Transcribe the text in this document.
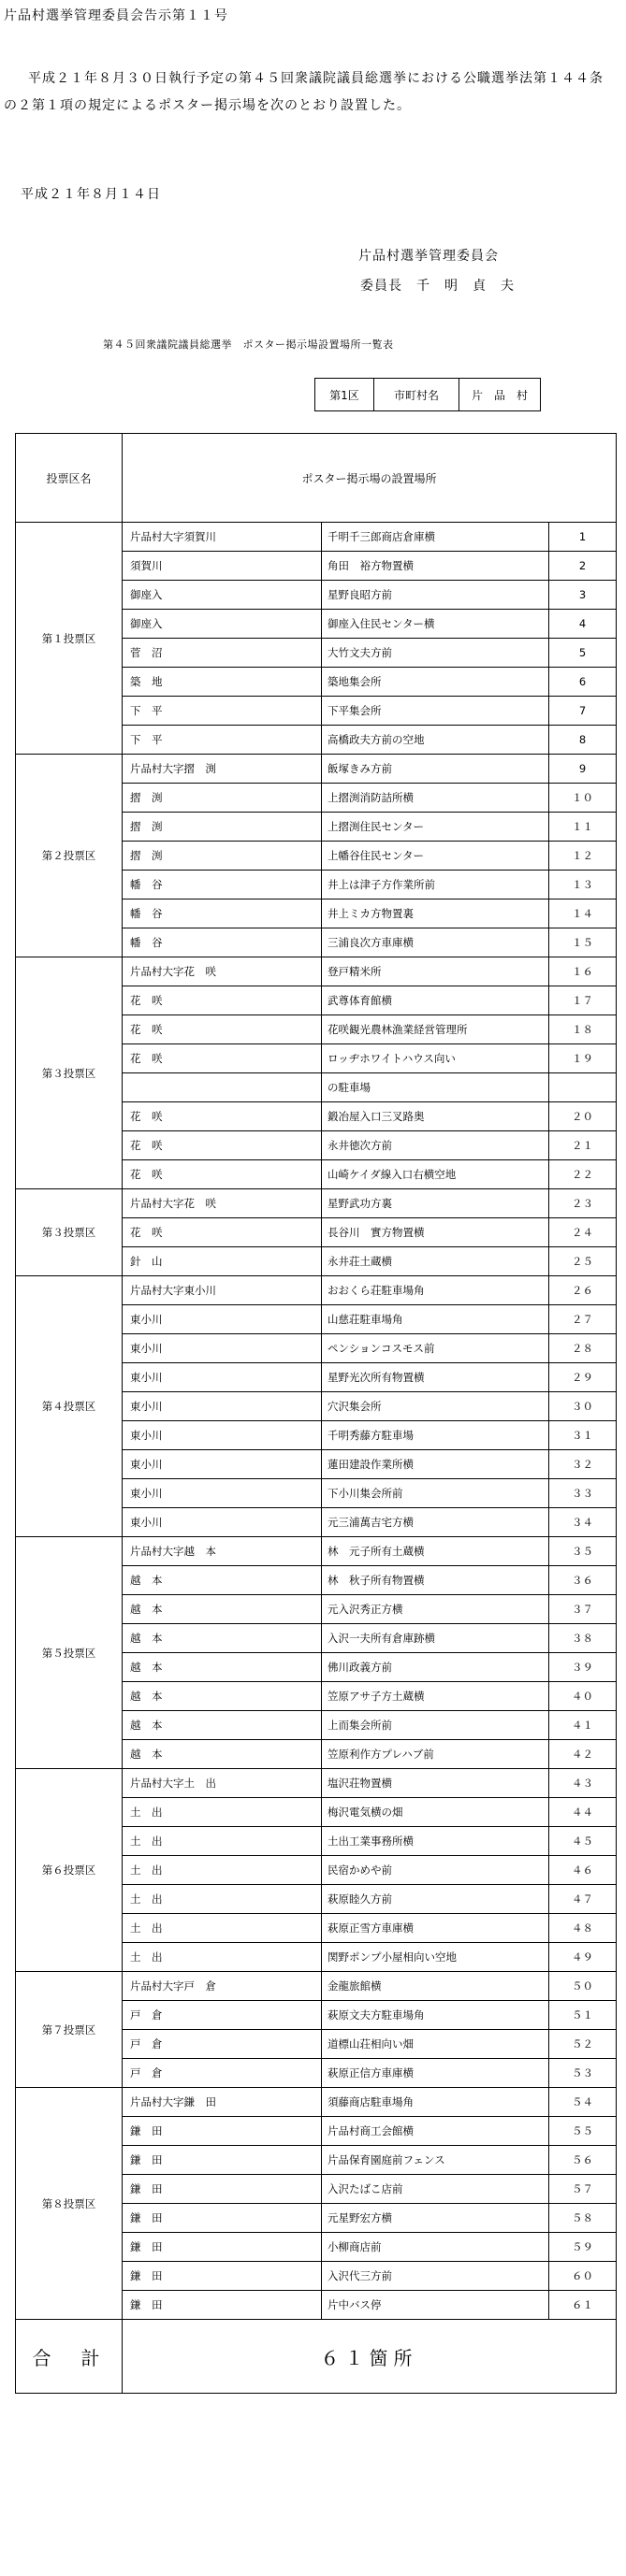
片品村選挙管理委員会告示第１１号
平成２１年８月３０日執行予定の第４５回衆議院議員総選挙における公職選挙法第１４４条の２第１項の規定によるポスター掲示場を次のとおり設置した。
平成２１年８月１４日
片品村選挙管理委員会
委員長　千　明　貞　夫
第４５回衆議院議員総選挙　ポスター掲示場設置場所一覧表
第1区	市町村名	片　品　村
投票区名	ポスター掲示場の設置場所		
第１投票区	片品村大字須賀川	千明千三郎商店倉庫横	1
	須賀川	角田　裕方物置横	2
	御座入	星野良昭方前	3
	御座入	御座入住民センター横	4
	菅　沼	大竹文夫方前	5
	築　地	築地集会所	6
	下　平	下平集会所	7
	下　平	高橋政夫方前の空地	8
第２投票区	片品村大字摺　渕	飯塚きみ方前	9
	摺　渕	上摺渕消防詰所横	１０
	摺　渕	上摺渕住民センター	１１
	摺　渕	上幡谷住民センター	１２
	幡　谷	井上は津子方作業所前	１３
	幡　谷	井上ミカ方物置裏	１４
	幡　谷	三浦良次方車庫横	１５
第３投票区	片品村大字花　咲	登戸精米所	１６
	花　咲	武尊体育館横	１７
	花　咲	花咲観光農林漁業経営管理所	１８
	花　咲	ロッヂホワイトハウス向い	１９
		の駐車場	
	花　咲	鍛冶屋入口三叉路奥	２０
	花　咲	永井徳次方前	２１
	花　咲	山崎ケイダ線入口右横空地	２２
第３投票区	片品村大字花　咲	星野武功方裏	２３
	花　咲	長谷川　實方物置横	２４
	針　山	永井荘土蔵横	２５
第４投票区	片品村大字東小川	おおくら荘駐車場角	２６
	東小川	山慈荘駐車場角	２７
	東小川	ペンションコスモス前	２８
	東小川	星野光次所有物置横	２９
	東小川	穴沢集会所	３０
	東小川	千明秀藤方駐車場	３１
	東小川	蓮田建設作業所横	３２
	東小川	下小川集会所前	３３
	東小川	元三浦萬吉宅方横	３４
第５投票区	片品村大字越　本	林　元子所有土蔵横	３５
	越　本	林　秋子所有物置横	３６
	越　本	元入沢秀正方横	３７
	越　本	入沢一夫所有倉庫跡横	３８
	越　本	佛川政義方前	３９
	越　本	笠原アサ子方土蔵横	４０
	越　本	上而集会所前	４１
	越　本	笠原利作方プレハブ前	４２
第６投票区	片品村大字土　出	塩沢荘物置横	４３
	土　出	梅沢電気横の畑	４４
	土　出	土出工業事務所横	４５
	土　出	民宿かめや前	４６
	土　出	萩原睦久方前	４７
	土　出	萩原正雪方車庫横	４８
	土　出	関野ポンプ小屋相向い空地	４９
第７投票区	片品村大字戸　倉	金龍旅館横	５０
	戸　倉	萩原文夫方駐車場角	５１
	戸　倉	道標山荘相向い畑	５２
	戸　倉	萩原正信方車庫横	５３
第８投票区	片品村大字鎌　田	須藤商店駐車場角	５４
	鎌　田	片品村商工会館横	５５
	鎌　田	片品保育園庭前フェンス	５６
	鎌　田	入沢たばこ店前	５７
	鎌　田	元星野宏方横	５８
	鎌　田	小柳商店前	５９
	鎌　田	入沢代三方前	６０
	鎌　田	片中バス停	６１
合　計	６１箇所		
